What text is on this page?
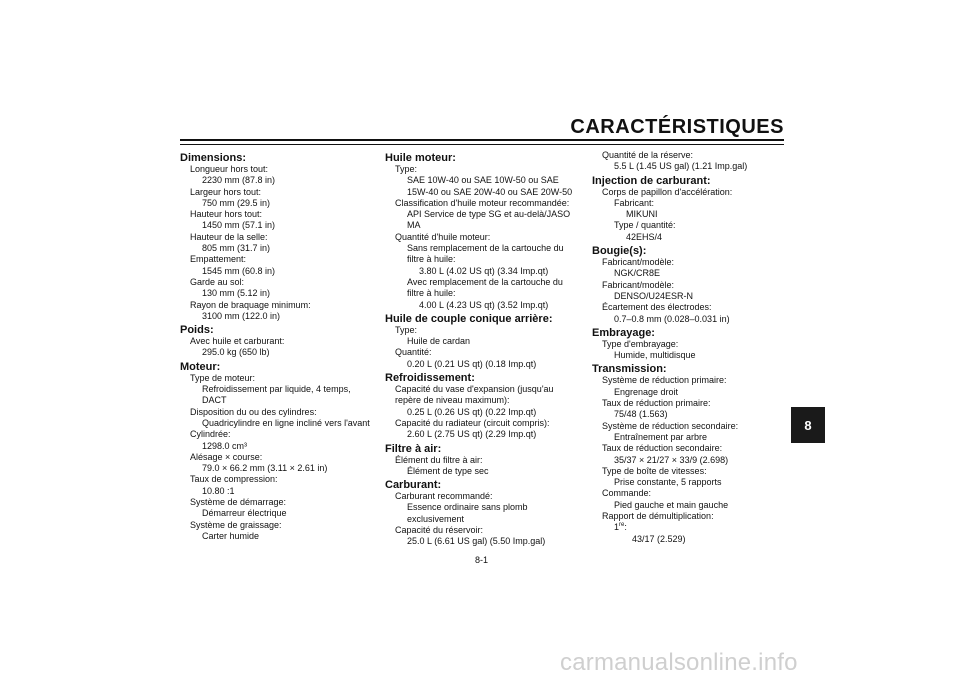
CARACTÉRISTIQUES
Dimensions:
Longueur hors tout:
2230 mm (87.8 in)
Largeur hors tout:
750 mm (29.5 in)
Hauteur hors tout:
1450 mm (57.1 in)
Hauteur de la selle:
805 mm (31.7 in)
Empattement:
1545 mm (60.8 in)
Garde au sol:
130 mm (5.12 in)
Rayon de braquage minimum:
3100 mm (122.0 in)
Poids:
Avec huile et carburant:
295.0 kg (650 lb)
Moteur:
Type de moteur:
Refroidissement par liquide, 4 temps,
DACT
Disposition du ou des cylindres:
Quadricylindre en ligne incliné vers l'avant
Cylindrée:
1298.0 cm³
Alésage × course:
79.0 × 66.2 mm (3.11 × 2.61 in)
Taux de compression:
10.80 :1
Système de démarrage:
Démarreur électrique
Système de graissage:
Carter humide
Huile moteur:
Type:
SAE 10W-40 ou SAE 10W-50 ou SAE
15W-40 ou SAE 20W-40 ou SAE 20W-50
Classification d'huile moteur recommandée:
API Service de type SG et au-delà/JASO
MA
Quantité d'huile moteur:
Sans remplacement de la cartouche du
filtre à huile:
3.80 L (4.02 US qt) (3.34 Imp.qt)
Avec remplacement de la cartouche du
filtre à huile:
4.00 L (4.23 US qt) (3.52 Imp.qt)
Huile de couple conique arrière:
Type:
Huile de cardan
Quantité:
0.20 L (0.21 US qt) (0.18 Imp.qt)
Refroidissement:
Capacité du vase d'expansion (jusqu'au
repère de niveau maximum):
0.25 L (0.26 US qt) (0.22 Imp.qt)
Capacité du radiateur (circuit compris):
2.60 L (2.75 US qt) (2.29 Imp.qt)
Filtre à air:
Élément du filtre à air:
Élément de type sec
Carburant:
Carburant recommandé:
Essence ordinaire sans plomb
exclusivement
Capacité du réservoir:
25.0 L (6.61 US gal) (5.50 Imp.gal)
Quantité de la réserve:
5.5 L (1.45 US gal) (1.21 Imp.gal)
Injection de carburant:
Corps de papillon d'accélération:
Fabricant:
MIKUNI
Type / quantité:
42EHS/4
Bougie(s):
Fabricant/modèle:
NGK/CR8E
Fabricant/modèle:
DENSO/U24ESR-N
Écartement des électrodes:
0.7–0.8 mm (0.028–0.031 in)
Embrayage:
Type d'embrayage:
Humide, multidisque
Transmission:
Système de réduction primaire:
Engrenage droit
Taux de réduction primaire:
75/48 (1.563)
Système de réduction secondaire:
Entraînement par arbre
Taux de réduction secondaire:
35/37 × 21/27 × 33/9 (2.698)
Type de boîte de vitesses:
Prise constante, 5 rapports
Commande:
Pied gauche et main gauche
Rapport de démultiplication:
1re:
43/17 (2.529)
8-1
8
carmanualsonline.info
